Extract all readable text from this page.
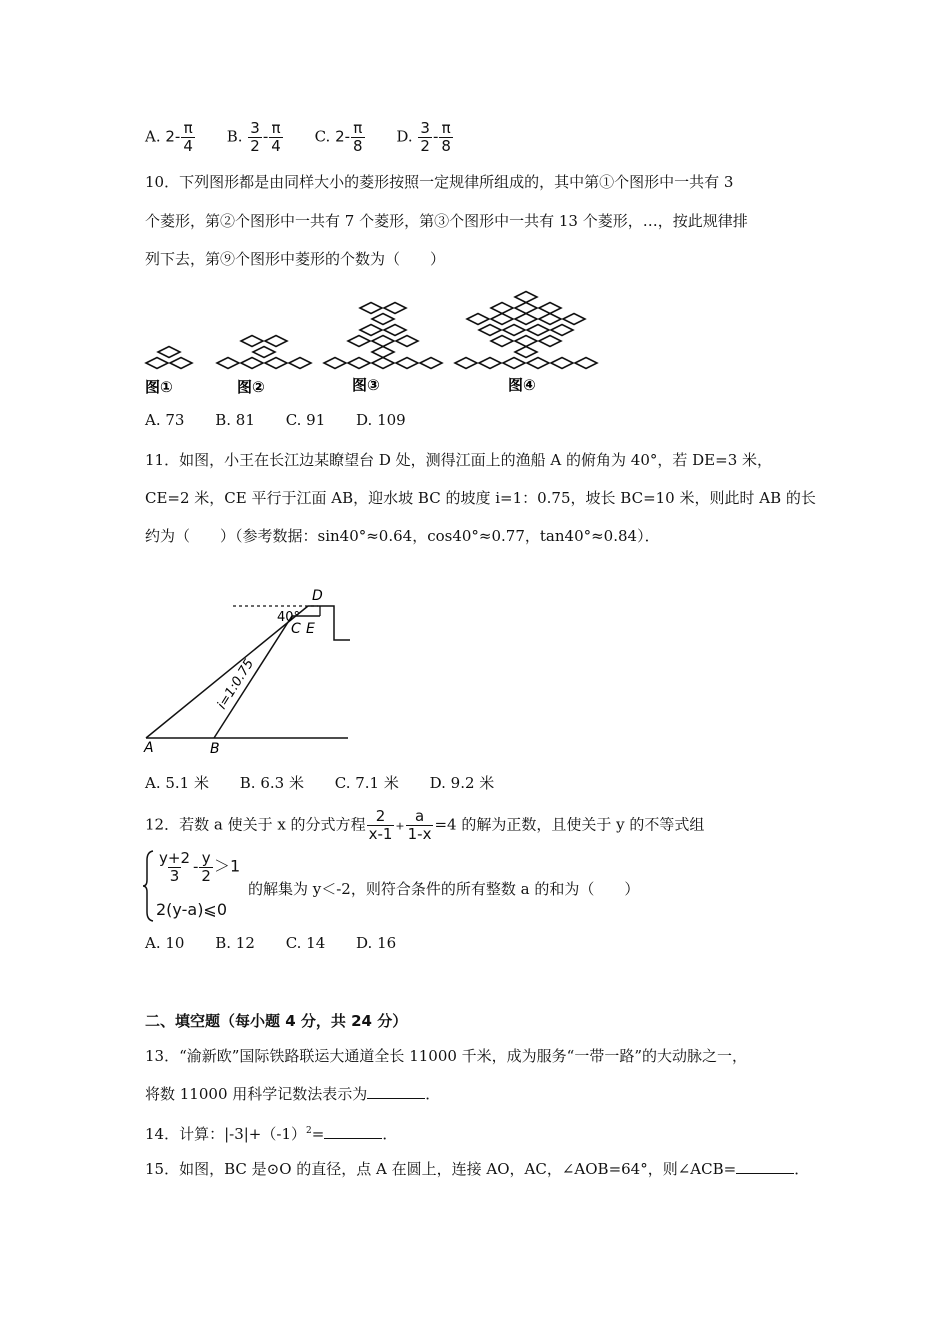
A. $2- \frac{\pi}{4} B$. $\frac{3}{2} - \frac{\pi}{4} C$. $2- \frac{\pi}{8} D$. $\frac{3}{2} - \frac{\pi}{8}$
10．下列图形都是由同样大小的菱形按照一定规律所组成的，其中第①个图形中一共有 3
个菱形，第②个图形中一共有 7 个菱形，第③个图形中一共有 13 个菱形，…，按此规律排
列下去，第⑨个图形中菱形的个数为（　　）
图①	图②	图③	图④
A. 73 B. 81 C. 91 D. 109
11．如图，小王在长江边某瞭望台 D 处，测得江面上的渔船 A 的俯角为 40°，若 DE=3 米，
CE=2 米，CE 平行于江面 AB，迎水坡 BC 的坡度 i=1：0.75，坡长 BC=10 米，则此时 AB 的长
约为（　　）（参考数据：sin40°≈0.64，cos40°≈0.77，tan40°≈0.84）．
D
40°
C E
A	B
i=1:0.75
A. 5.1 米 B. 6.3 米 C. 7.1 米 D. 9.2 米
12．若数 a 使关于 x 的分式方程 $\frac{2}{x-1} + \frac{a}{1-x} =4$ 的解为正数，且使关于 y 的不等式组
$\frac{y+2}{3} - \frac{y}{2} >1$
2(y-a)⩽0
的解集为 y＜-2，则符合条件的所有整数 a 的和为（　　）
A. 10 B. 12 C. 14 D. 16
二、填空题（每小题 4 分，共 24 分）
13．“渝新欧”国际铁路联运大通道全长 11000 千米，成为服务“一带一路”的大动脉之一，
将数 11000 用科学记数法表示为	．
14．计算：$|-3|+(-1)^2=$	．
15．如图，BC 是⊙O 的直径，点 A 在圆上，连接 AO，AC，∠AOB=64°，则∠ACB=	．
